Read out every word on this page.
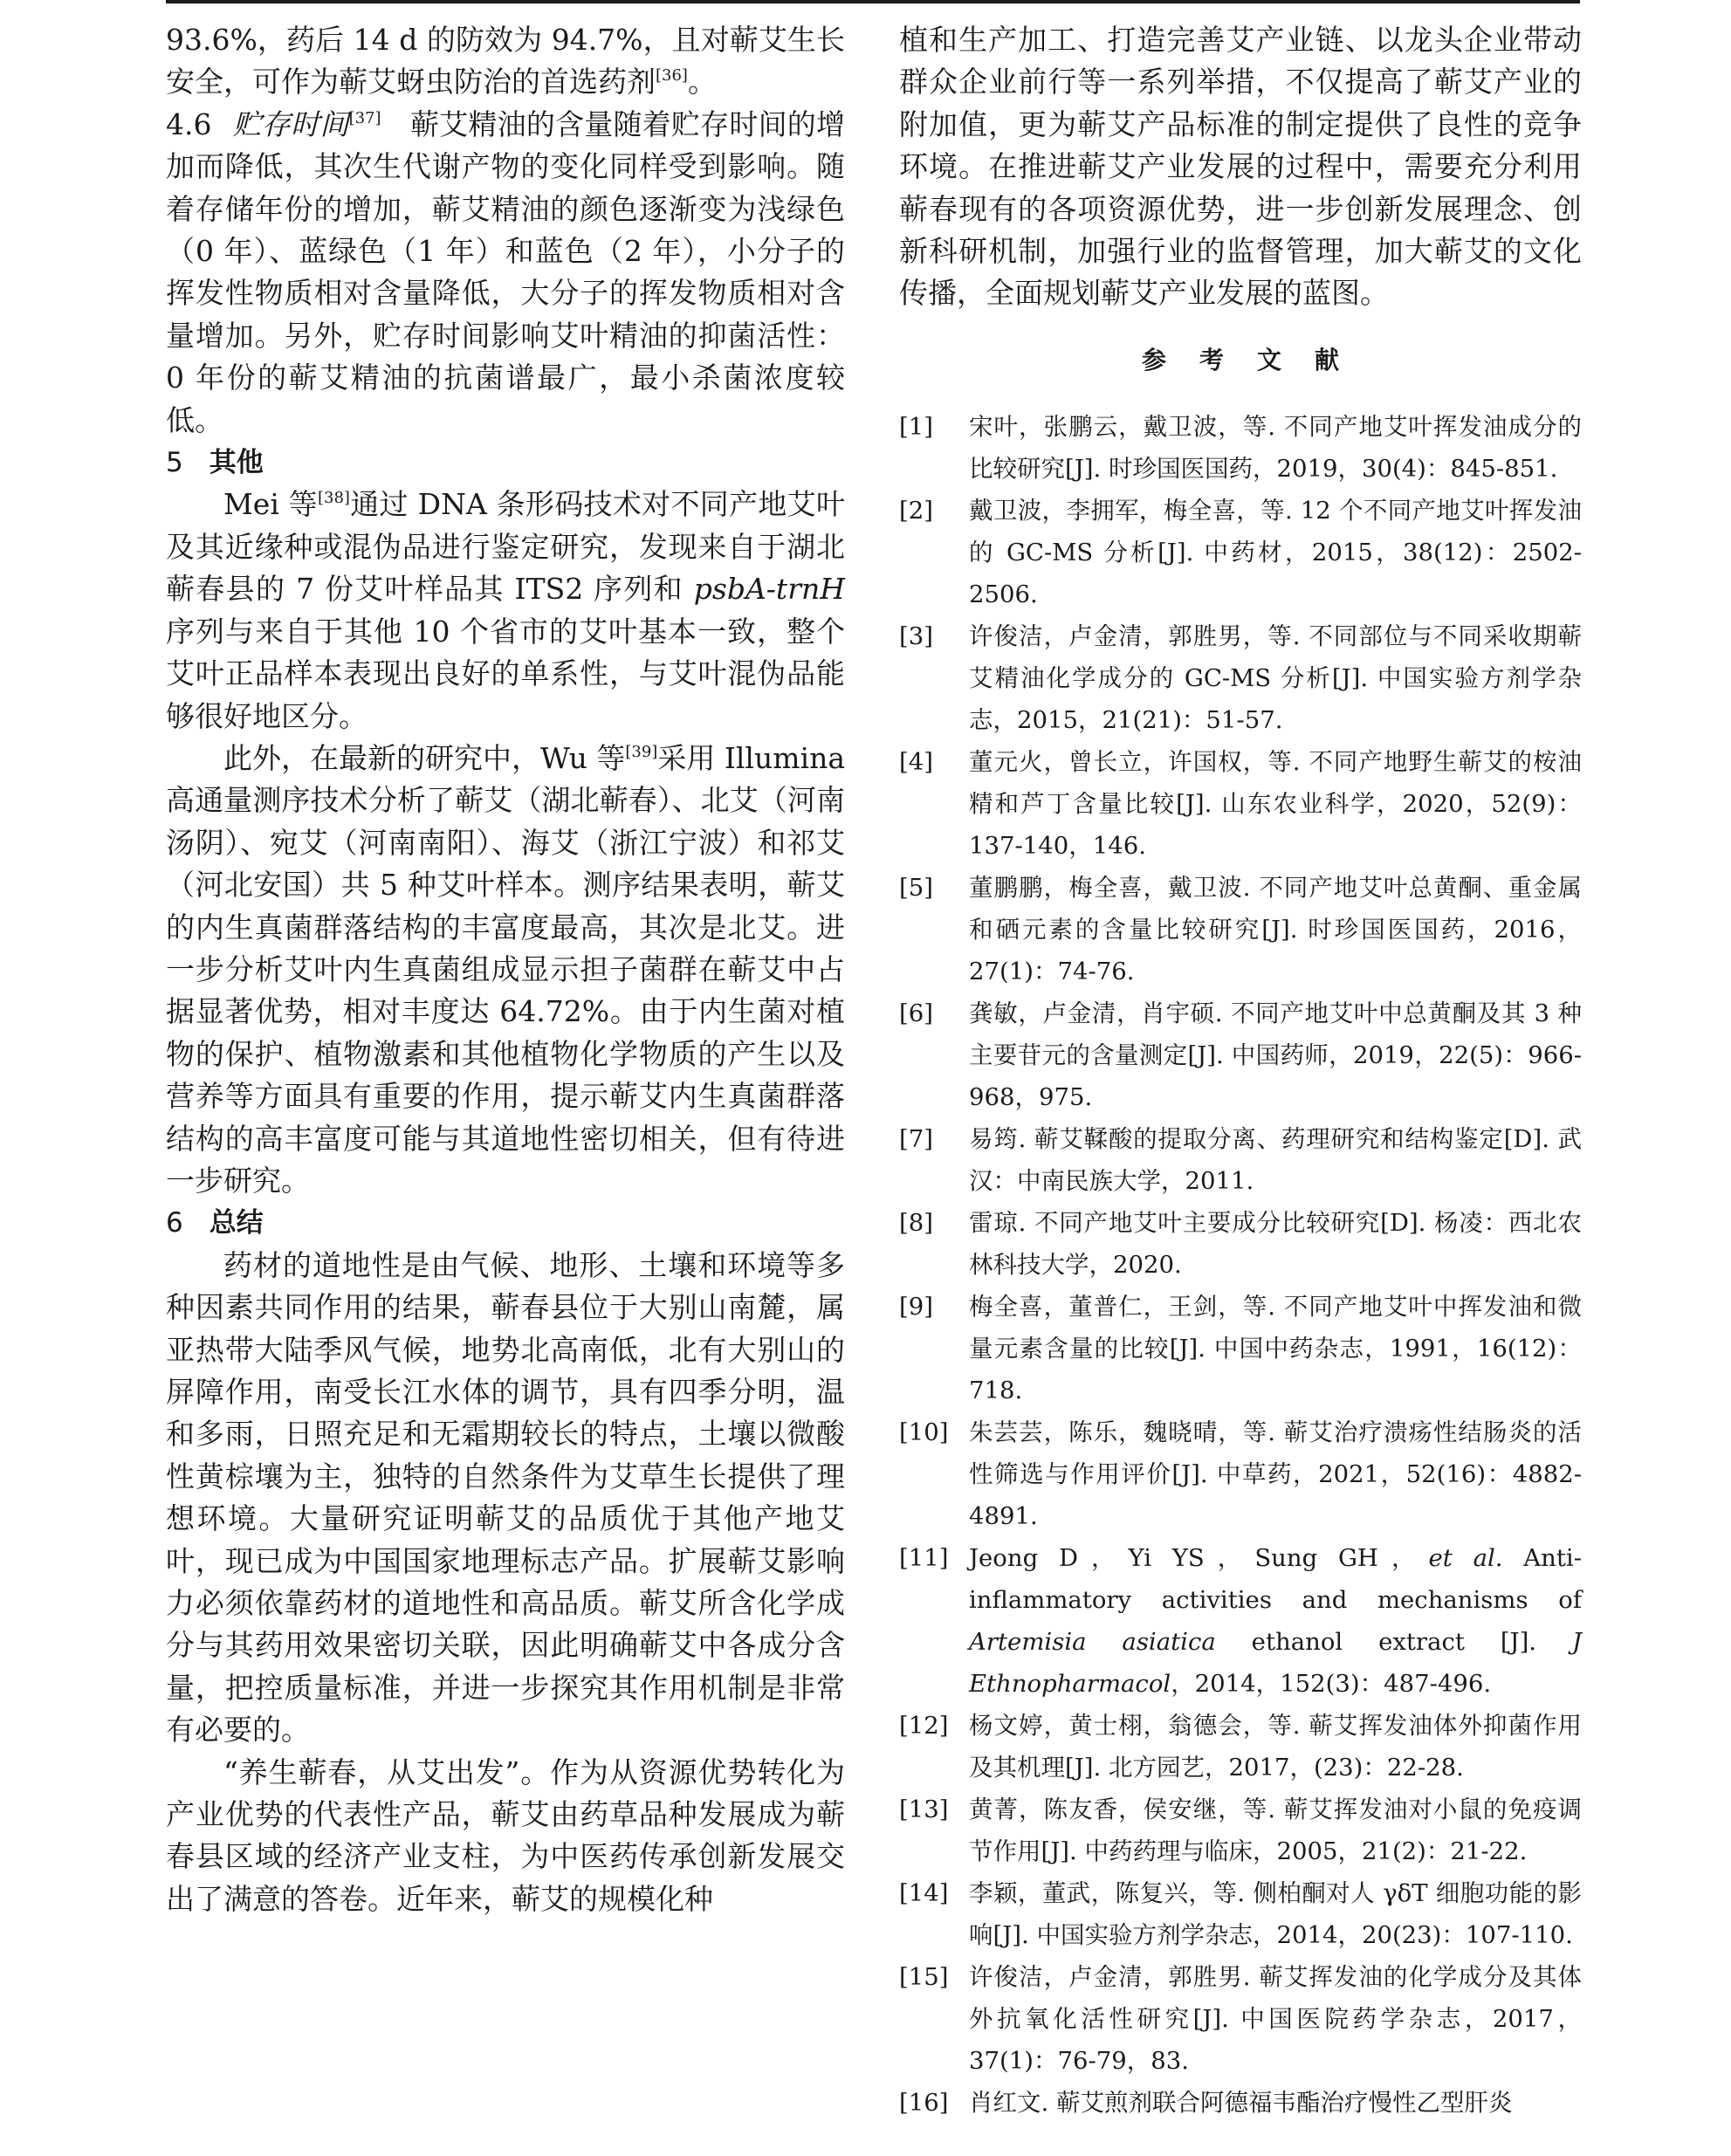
93.6%，药后 14 d 的防效为 94.7%，且对蕲艾生长安全，可作为蕲艾蚜虫防治的首选药剂[36]。

4.6 贮存时间[37]　蕲艾精油的含量随着贮存时间的增加而降低，其次生代谢产物的变化同样受到影响。随着存储年份的增加，蕲艾精油的颜色逐渐变为浅绿色（0 年）、蓝绿色（1 年）和蓝色（2 年），小分子的挥发性物质相对含量降低，大分子的挥发物质相对含量增加。另外，贮存时间影响艾叶精油的抑菌活性：0 年份的蕲艾精油的抗菌谱最广，最小杀菌浓度较低。

5 其他

Mei 等[38]通过 DNA 条形码技术对不同产地艾叶及其近缘种或混伪品进行鉴定研究，发现来自于湖北蕲春县的 7 份艾叶样品其 ITS2 序列和 psbA-trnH 序列与来自于其他 10 个省市的艾叶基本一致，整个艾叶正品样本表现出良好的单系性，与艾叶混伪品能够很好地区分。

此外，在最新的研究中，Wu 等[39]采用 Illumina 高通量测序技术分析了蕲艾（湖北蕲春）、北艾（河南汤阴）、宛艾（河南南阳）、海艾（浙江宁波）和祁艾（河北安国）共 5 种艾叶样本。测序结果表明，蕲艾的内生真菌群落结构的丰富度最高，其次是北艾。进一步分析艾叶内生真菌组成显示担子菌群在蕲艾中占据显著优势，相对丰度达 64.72%。由于内生菌对植物的保护、植物激素和其他植物化学物质的产生以及营养等方面具有重要的作用，提示蕲艾内生真菌群落结构的高丰富度可能与其道地性密切相关，但有待进一步研究。

6 总结

药材的道地性是由气候、地形、土壤和环境等多种因素共同作用的结果，蕲春县位于大别山南麓，属亚热带大陆季风气候，地势北高南低，北有大别山的屏障作用，南受长江水体的调节，具有四季分明，温和多雨，日照充足和无霜期较长的特点，土壤以微酸性黄棕壤为主，独特的自然条件为艾草生长提供了理想环境。大量研究证明蕲艾的品质优于其他产地艾叶，现已成为中国国家地理标志产品。扩展蕲艾影响力必须依靠药材的道地性和高品质。蕲艾所含化学成分与其药用效果密切关联，因此明确蕲艾中各成分含量，把控质量标准，并进一步探究其作用机制是非常有必要的。

“养生蕲春，从艾出发”。作为从资源优势转化为产业优势的代表性产品，蕲艾由药草品种发展成为蕲春县区域的经济产业支柱，为中医药传承创新发展交出了满意的答卷。近年来，蕲艾的规模化种

植和生产加工、打造完善艾产业链、以龙头企业带动群众企业前行等一系列举措，不仅提高了蕲艾产业的附加值，更为蕲艾产品标准的制定提供了良性的竞争环境。在推进蕲艾产业发展的过程中，需要充分利用蕲春现有的各项资源优势，进一步创新发展理念、创新科研机制，加强行业的监督管理，加大蕲艾的文化传播，全面规划蕲艾产业发展的蓝图。

参考文献
[1]	宋叶，张鹏云，戴卫波，等. 不同产地艾叶挥发油成分的比较研究[J]. 时珍国医国药，2019，30(4)：845-851.
[2]	戴卫波，李拥军，梅全喜，等. 12 个不同产地艾叶挥发油的 GC-MS 分析[J]. 中药材，2015，38(12)：2502-2506.
[3]	许俊洁，卢金清，郭胜男，等. 不同部位与不同采收期蕲艾精油化学成分的 GC-MS 分析[J]. 中国实验方剂学杂志，2015，21(21)：51-57.
[4]	董元火，曾长立，许国权，等. 不同产地野生蕲艾的桉油精和芦丁含量比较[J]. 山东农业科学，2020，52(9)：137-140，146.
[5]	董鹏鹏，梅全喜，戴卫波. 不同产地艾叶总黄酮、重金属和硒元素的含量比较研究[J]. 时珍国医国药，2016，27(1)：74-76.
[6]	龚敏，卢金清，肖宇硕. 不同产地艾叶中总黄酮及其 3 种主要苷元的含量测定[J]. 中国药师，2019，22(5)：966-968，975.
[7]	易筠. 蕲艾鞣酸的提取分离、药理研究和结构鉴定[D]. 武汉：中南民族大学，2011.
[8]	雷琼. 不同产地艾叶主要成分比较研究[D]. 杨凌：西北农林科技大学，2020.
[9]	梅全喜，董普仁，王剑，等. 不同产地艾叶中挥发油和微量元素含量的比较[J]. 中国中药杂志，1991，16(12)：718.
[10] 朱芸芸，陈乐，魏晓晴，等. 蕲艾治疗溃疡性结肠炎的活性筛选与作用评价[J]. 中草药，2021，52(16)：4882-4891.
[11] Jeong D，Yi YS，Sung GH，et al. Anti-inflammatory activities and mechanisms of Artemisia asiatica ethanol extract [J]. J Ethnopharmacol，2014，152(3)：487-496.
[12] 杨文婷，黄士栩，翁德会，等. 蕲艾挥发油体外抑菌作用及其机理[J]. 北方园艺，2017，(23)：22-28.
[13] 黄菁，陈友香，侯安继，等. 蕲艾挥发油对小鼠的免疫调节作用[J]. 中药药理与临床，2005，21(2)：21-22.
[14] 李颖，董武，陈复兴，等. 侧柏酮对人 γδT 细胞功能的影响[J]. 中国实验方剂学杂志，2014，20(23)：107-110.
[15] 许俊洁，卢金清，郭胜男. 蕲艾挥发油的化学成分及其体外抗氧化活性研究[J]. 中国医院药学杂志，2017，37(1)：76-79，83.
[16] 肖红文. 蕲艾煎剂联合阿德福韦酯治疗慢性乙型肝炎
